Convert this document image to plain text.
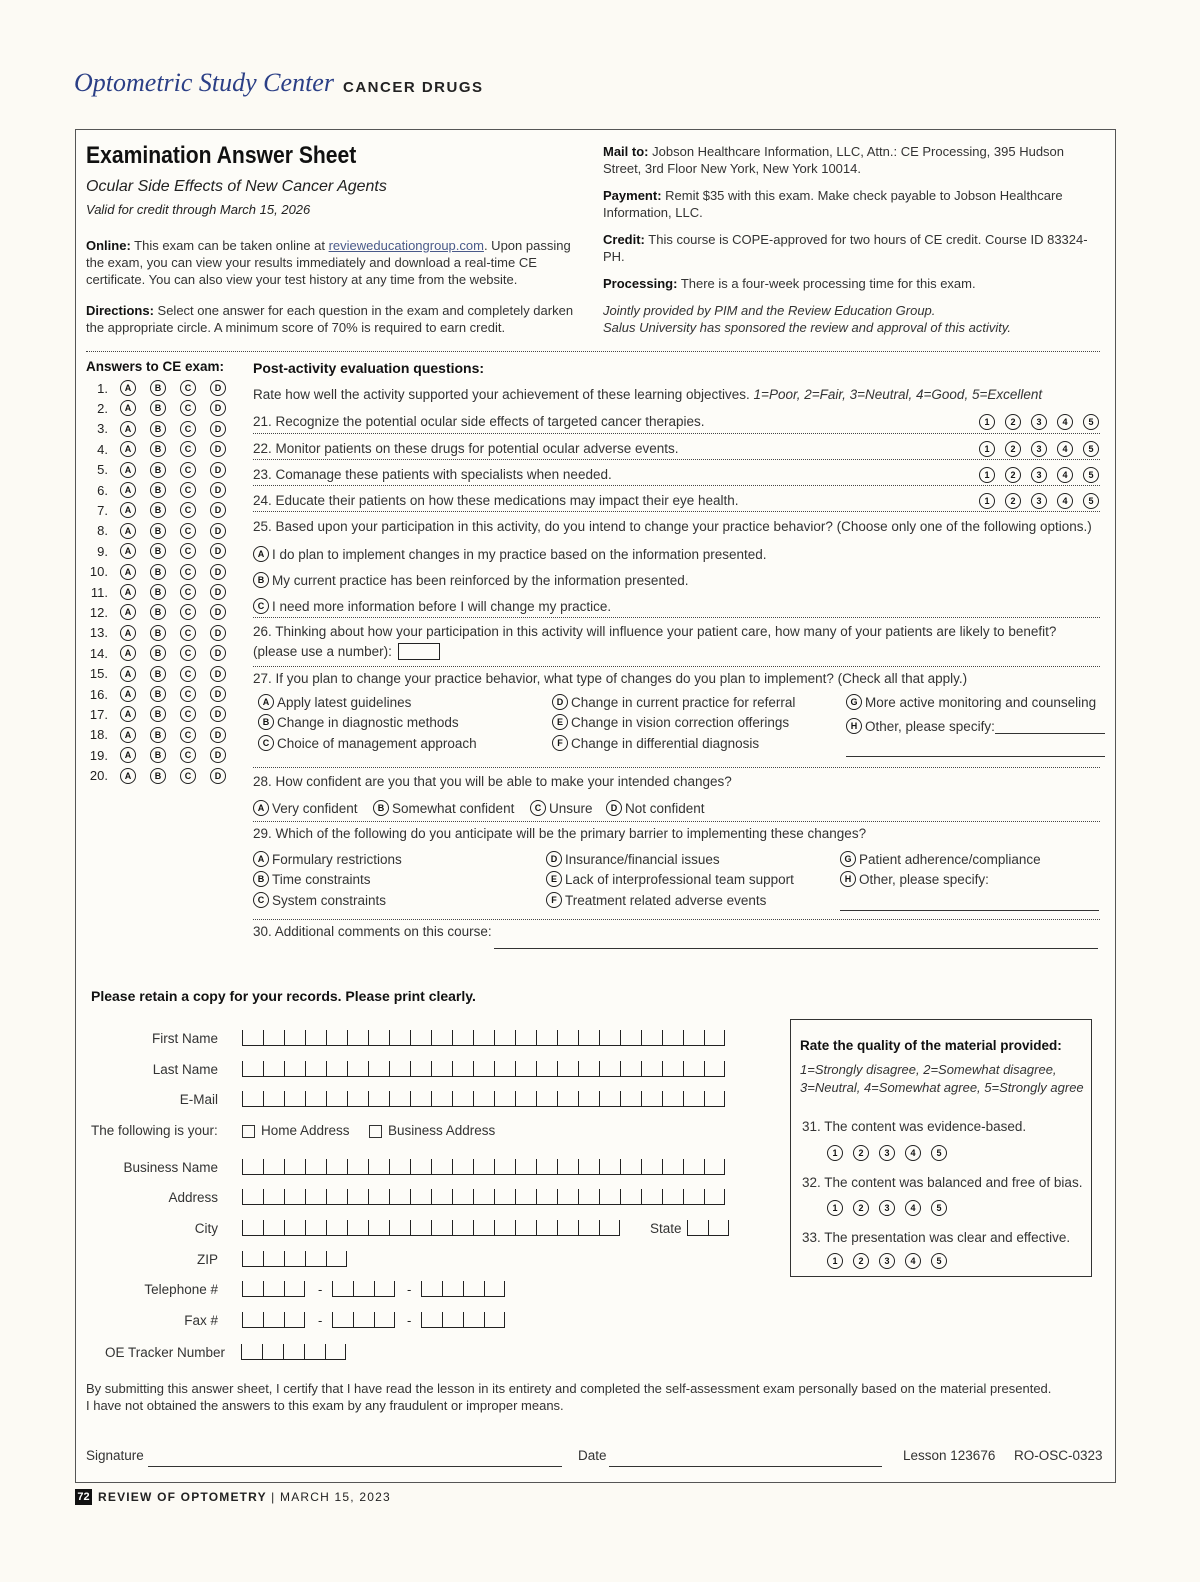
Optometric Study Center CANCER DRUGS
Examination Answer Sheet
Ocular Side Effects of New Cancer Agents
Valid for credit through March 15, 2026
Online: This exam can be taken online at revieweducationgroup.com. Upon passing the exam, you can view your results immediately and download a real-time CE certificate. You can also view your test history at any time from the website.
Directions: Select one answer for each question in the exam and completely darken the appropriate circle. A minimum score of 70% is required to earn credit.
Mail to: Jobson Healthcare Information, LLC, Attn.: CE Processing, 395 Hudson Street, 3rd Floor New York, New York 10014.
Payment: Remit $35 with this exam. Make check payable to Jobson Healthcare Information, LLC.
Credit: This course is COPE-approved for two hours of CE credit. Course ID 83324-PH.
Processing: There is a four-week processing time for this exam.
Jointly provided by PIM and the Review Education Group.
Salus University has sponsored the review and approval of this activity.
Answers to CE exam:
1.	A	B	C	D
2.	A	B	C	D
3.	A	B	C	D
4.	A	B	C	D
5.	A	B	C	D
6.	A	B	C	D
7.	A	B	C	D
8.	A	B	C	D
9.	A	B	C	D
10.	A	B	C	D
11.	A	B	C	D
12.	A	B	C	D
13.	A	B	C	D
14.	A	B	C	D
15.	A	B	C	D
16.	A	B	C	D
17.	A	B	C	D
18.	A	B	C	D
19.	A	B	C	D
20.	A	B	C	D
Post-activity evaluation questions:
Rate how well the activity supported your achievement of these learning objectives. 1=Poor, 2=Fair, 3=Neutral, 4=Good, 5=Excellent
21. Recognize the potential ocular side effects of targeted cancer therapies.	1	2	3	4	5
22. Monitor patients on these drugs for potential ocular adverse events.	1	2	3	4	5
23. Comanage these patients with specialists when needed.	1	2	3	4	5
24. Educate their patients on how these medications may impact their eye health.	1	2	3	4	5
25. Based upon your participation in this activity, do you intend to change your practice behavior? (Choose only one of the following options.)
A I do plan to implement changes in my practice based on the information presented.
B My current practice has been reinforced by the information presented.
C I need more information before I will change my practice.
26. Thinking about how your participation in this activity will influence your patient care, how many of your patients are likely to benefit?
(please use a number):
27. If you plan to change your practice behavior, what type of changes do you plan to implement? (Check all that apply.)
A Apply latest guidelines
B Change in diagnostic methods
C Choice of management approach
D Change in current practice for referral
E Change in vision correction offerings
F Change in differential diagnosis
G More active monitoring and counseling
H Other, please specify:
28. How confident are you that you will be able to make your intended changes?
A Very confident	B Somewhat confident	C Unsure	D Not confident
29. Which of the following do you anticipate will be the primary barrier to implementing these changes?
A Formulary restrictions
B Time constraints
C System constraints
D Insurance/financial issues
E Lack of interprofessional team support
F Treatment related adverse events
G Patient adherence/compliance
H Other, please specify:
30. Additional comments on this course:
Please retain a copy for your records. Please print clearly.
First Name
Last Name
E-Mail
The following is your:	Home Address	Business Address
Business Name
Address
City	State
ZIP
Telephone #	-	-
Fax #	-	-
OE Tracker Number
Rate the quality of the material provided:
1=Strongly disagree, 2=Somewhat disagree,
3=Neutral, 4=Somewhat agree, 5=Strongly agree
31. The content was evidence-based.
1	2	3	4	5
32. The content was balanced and free of bias.
1	2	3	4	5
33. The presentation was clear and effective.
1	2	3	4	5
By submitting this answer sheet, I certify that I have read the lesson in its entirety and completed the self-assessment exam personally based on the material presented.
I have not obtained the answers to this exam by any fraudulent or improper means.
Signature	Date	Lesson 123676 RO-OSC-0323
72 REVIEW OF OPTOMETRY | MARCH 15, 2023
